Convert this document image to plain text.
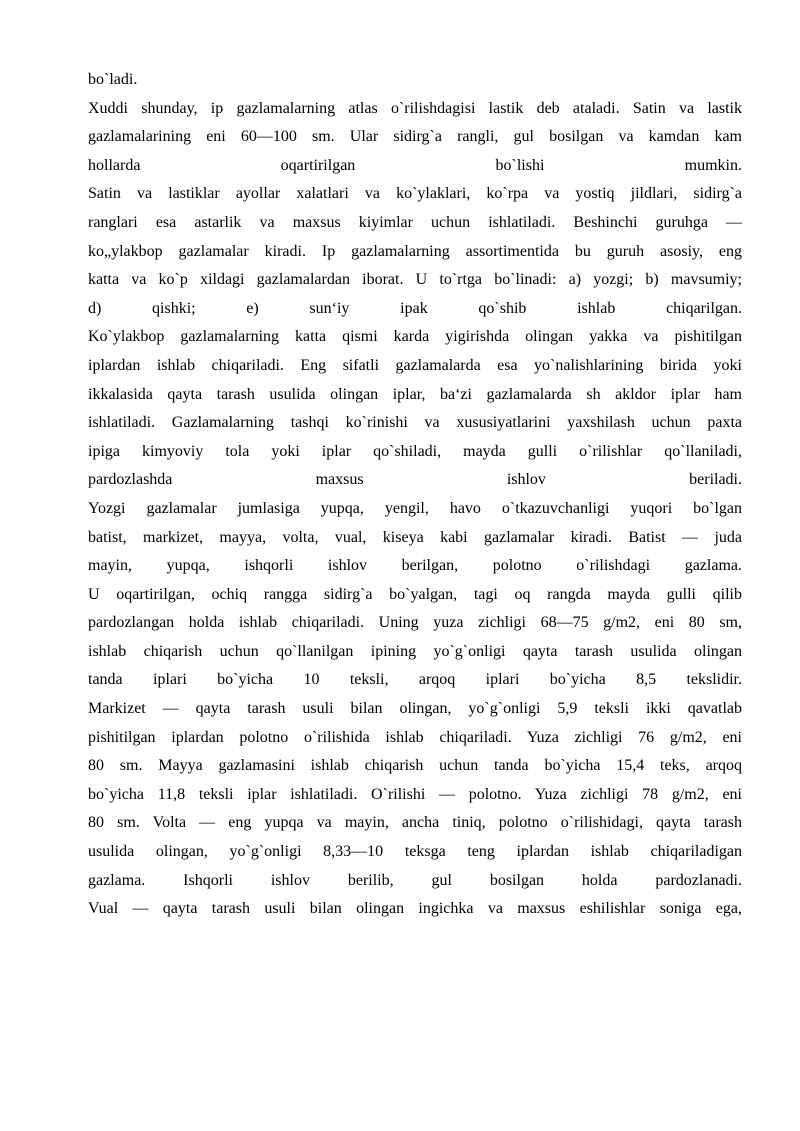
bo`ladi.
Xuddi shunday, ip gazlamalarning atlas o`rilishdagisi lastik deb ataladi. Satin va lastik
gazlamalarining eni 60—100 sm. Ular sidirg`a rangli, gul bosilgan va kamdan kam
hollarda oqartirilgan bo`lishi mumkin.
Satin va lastiklar ayollar xalatlari va ko`ylaklari, ko`rpa va yostiq jildlari, sidirg`a
ranglari esa astarlik va maxsus kiyimlar uchun ishlatiladi. Beshinchi guruhga —
ko„ylakbop gazlamalar kiradi. Ip gazlamalarning assortimentida bu guruh asosiy, eng
katta va ko`p xildagi gazlamalardan iborat. U to`rtga bo`linadi: a) yozgi; b) mavsumiy;
d) qishki; e) sun‘iy ipak qo`shib ishlab chiqarilgan.
Ko`ylakbop gazlamalarning katta qismi karda yigirishda olingan yakka va pishitilgan
iplardan ishlab chiqariladi. Eng sifatli gazlamalarda esa yo`nalishlarining birida yoki
ikkalasida qayta tarash usulida olingan iplar, ba‘zi gazlamalarda sh akldor iplar ham
ishlatiladi. Gazlamalarning tashqi ko`rinishi va xususiyatlarini yaxshilash uchun paxta
ipiga kimyoviy tola yoki iplar qo`shiladi, mayda gulli o`rilishlar qo`llaniladi,
pardozlashda maxsus ishlov beriladi.
Yozgi gazlamalar jumlasiga yupqa, yengil, havo o`tkazuvchanligi yuqori bo`lgan
batist, markizet, mayya, volta, vual, kiseya kabi gazlamalar kiradi. Batist — juda
mayin, yupqa, ishqorli ishlov berilgan, polotno o`rilishdagi gazlama.
U oqartirilgan, ochiq rangga sidirg`a bo`yalgan, tagi oq rangda mayda gulli qilib
pardozlangan holda ishlab chiqariladi. Uning yuza zichligi 68—75 g/m2, eni 80 sm,
ishlab chiqarish uchun qo`llanilgan ipining yo`g`onligi qayta tarash usulida olingan
tanda iplari bo`yicha 10 teksli, arqoq iplari bo`yicha 8,5 tekslidir.
Markizet — qayta tarash usuli bilan olingan, yo`g`onligi 5,9 teksli ikki qavatlab
pishitilgan iplardan polotno o`rilishida ishlab chiqariladi. Yuza zichligi 76 g/m2, eni
80 sm. Mayya gazlamasini ishlab chiqarish uchun tanda bo`yicha 15,4 teks, arqoq
bo`yicha 11,8 teksli iplar ishlatiladi. O`rilishi — polotno. Yuza zichligi 78 g/m2, eni
80 sm. Volta — eng yupqa va mayin, ancha tiniq, polotno o`rilishidagi, qayta tarash
usulida olingan, yo`g`onligi 8,33—10 teksga teng iplardan ishlab chiqariladigan
gazlama. Ishqorli ishlov berilib, gul bosilgan holda pardozlanadi.
Vual — qayta tarash usuli bilan olingan ingichka va maxsus eshilishlar soniga ega,
